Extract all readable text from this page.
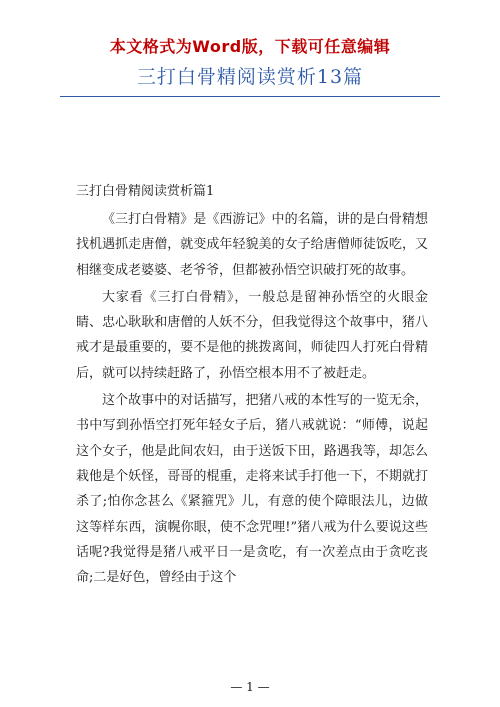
本文格式为Word版，下载可任意编辑
三打白骨精阅读赏析13篇
三打白骨精阅读赏析篇1

《三打白骨精》是《西游记》中的名篇，讲的是白骨精想找机遇抓走唐僧，就变成年轻貌美的女子给唐僧师徒饭吃，又相继变成老婆婆、老爷爷，但都被孙悟空识破打死的故事。

大家看《三打白骨精》，一般总是留神孙悟空的火眼金睛、忠心耿耿和唐僧的人妖不分，但我觉得这个故事中，猪八戒才是最重要的，要不是他的挑拨离间，师徒四人打死白骨精后，就可以持续赶路了，孙悟空根本用不了被赶走。

这个故事中的对话描写，把猪八戒的本性写的一览无余，书中写到孙悟空打死年轻女子后，猪八戒就说：“师傅，说起这个女子，他是此间农妇，由于送饭下田，路遇我等，却怎么栽他是个妖怪，哥哥的棍重，走将来试手打他一下，不期就打杀了;怕你念甚么《紧箍咒》儿，有意的使个障眼法儿，边做这等样东西，演幌你眼，使不念咒哩!”猪八戒为什么要说这些话呢?我觉得是猪八戒平日一是贪吃，有一次差点由于贪吃丧命;二是好色，曾经由于这个

— 1 —
